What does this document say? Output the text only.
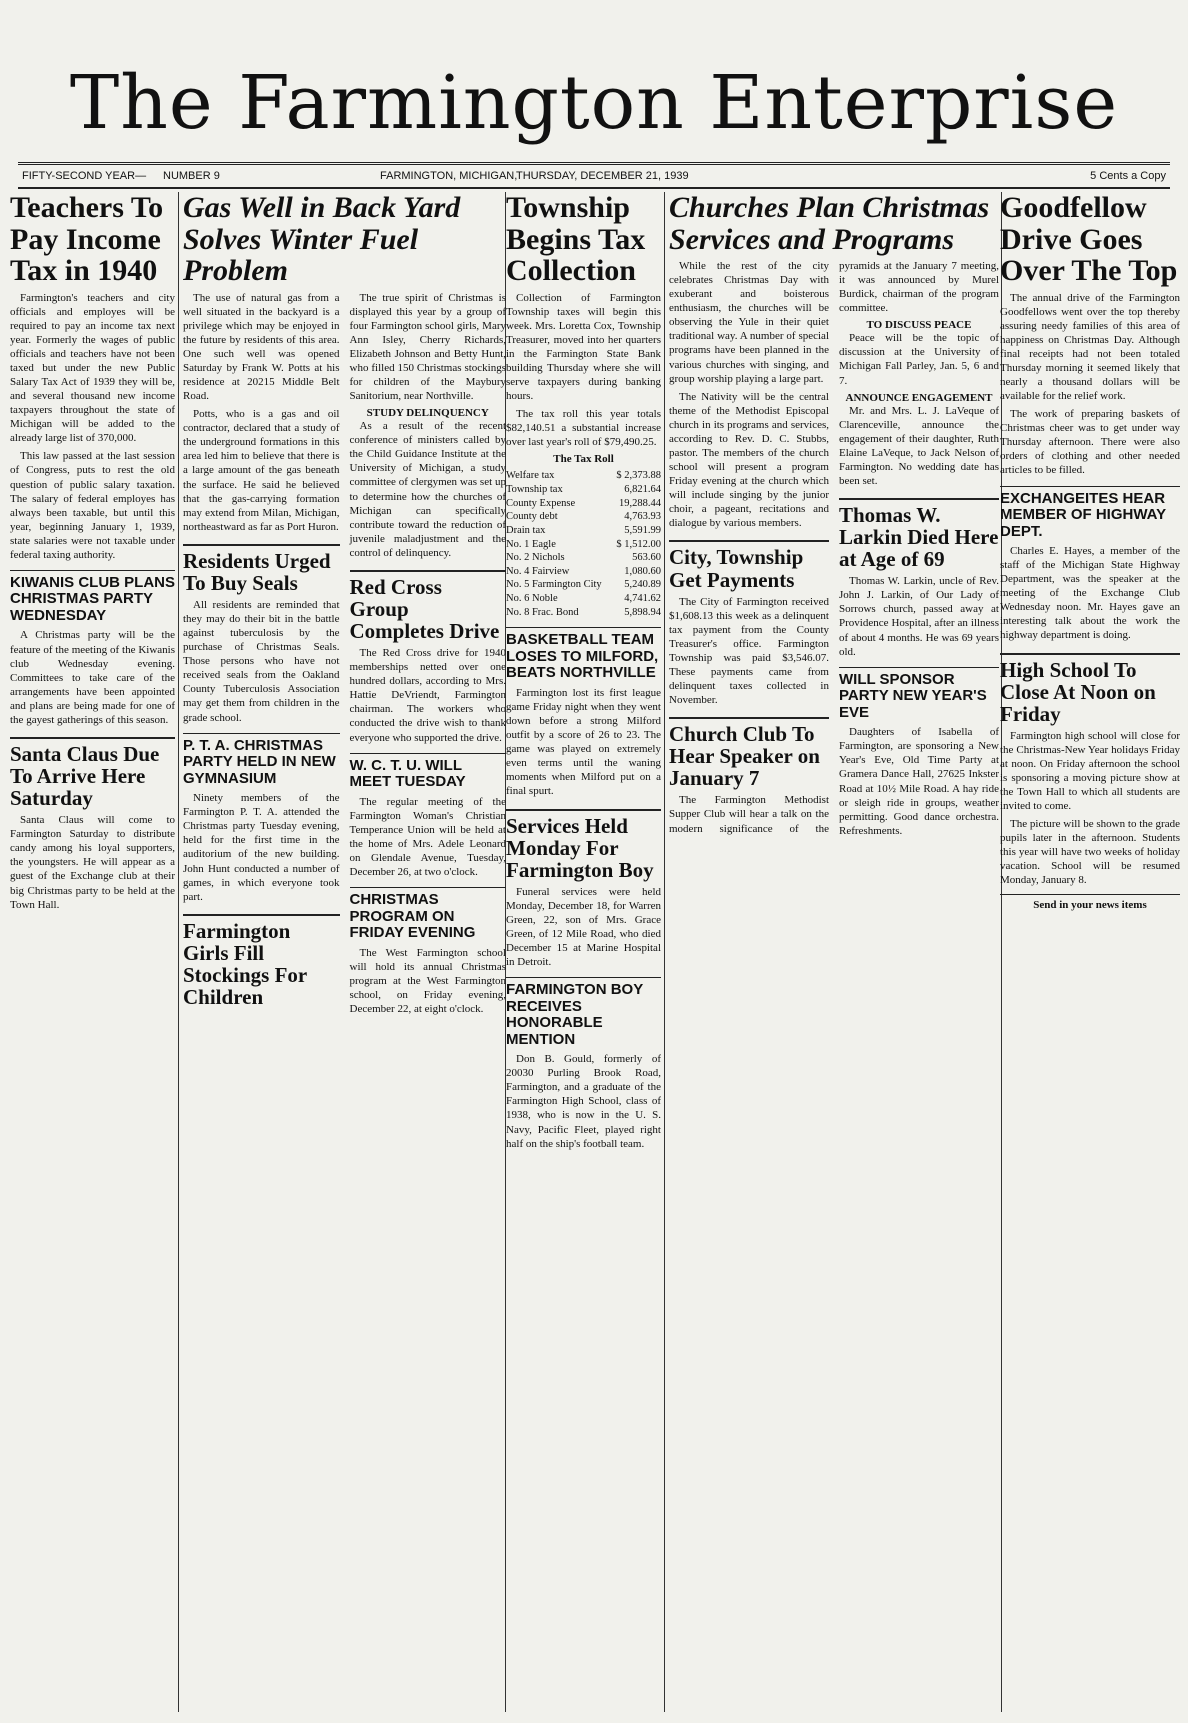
The Farmington Enterprise
FIFTY-SECOND YEAR— NUMBER 9	FARMINGTON, MICHIGAN,
THURSDAY, DECEMBER 21, 1939	5 Cents a Copy
Teachers To Pay Income Tax in 1940

Farmington's teachers and city officials and employes will be required to pay an income tax next year. Formerly the wages of public officials and teachers have not been taxed but under the new Public Salary Tax Act of 1939 they will be, and several thousand new income taxpayers throughout the state of Michigan will be added to the already large list of 370,000.

This law passed at the last session of Congress, puts to rest the old question of public salary taxation. The salary of federal employes has always been taxable, but until this year, beginning January 1, 1939, state salaries were not taxable under federal taxing authority.

KIWANIS CLUB PLANS CHRISTMAS PARTY WEDNESDAY

A Christmas party will be the feature of the meeting of the Kiwanis club Wednesday evening. Committees to take care of the arrangements have been appointed and plans are being made for one of the gayest gatherings of this season.

Santa Claus Due To Arrive Here Saturday

Santa Claus will come to Farmington Saturday to distribute candy among his loyal supporters, the youngsters. He will appear as a guest of the Exchange club at their big Christmas party to be held at the Town Hall.

Gas Well in Back Yard Solves Winter Fuel Problem

The use of natural gas from a well situated in the backyard is a privilege which may be enjoyed in the future by residents of this area. One such well was opened Saturday by Frank W. Potts at his residence at 20215 Middle Belt Road.

Potts, who is a gas and oil contractor, declared that a study of the underground formations in this area led him to believe that there is a large amount of the gas beneath the surface. He said he believed that the gas-carrying formation may extend from Milan, Michigan, northeastward as far as Port Huron.

Residents Urged To Buy Seals

All residents are reminded that they may do their bit in the battle against tuberculosis by the purchase of Christmas Seals. Those persons who have not received seals from the Oakland County Tuberculosis Association may get them from children in the grade school.

P. T. A. CHRISTMAS PARTY HELD IN NEW GYMNASIUM

Ninety members of the Farmington P. T. A. attended the Christmas party Tuesday evening, held for the first time in the auditorium of the new building. John Hunt conducted a number of games, in which everyone took part.

Farmington Girls Fill Stockings For Children

The true spirit of Christmas is displayed this year by a group of four Farmington school girls, Mary Ann Isley, Cherry Richards, Elizabeth Johnson and Betty Hunt, who filled 150 Christmas stockings for children of the Maybury Sanitorium, near Northville.

STUDY DELINQUENCY

As a result of the recent conference of ministers called by the Child Guidance Institute at the University of Michigan, a study committee of clergymen was set up to determine how the churches of Michigan can specifically contribute toward the reduction of juvenile maladjustment and the control of delinquency.

Red Cross Group Completes Drive

The Red Cross drive for 1940 memberships netted over one hundred dollars, according to Mrs. Hattie DeVriendt, Farmington chairman. The workers who conducted the drive wish to thank everyone who supported the drive.

W. C. T. U. WILL MEET TUESDAY

The regular meeting of the Farmington Woman's Christian Temperance Union will be held at the home of Mrs. Adele Leonard on Glendale Avenue, Tuesday, December 26, at two o'clock.

CHRISTMAS PROGRAM ON FRIDAY EVENING

The West Farmington school will hold its annual Christmas program at the West Farmington school, on Friday evening, December 22, at eight o'clock.

Township Begins Tax Collection

Collection of Farmington Township taxes will begin this week. Mrs. Loretta Cox, Township Treasurer, moved into her quarters in the Farmington State Bank building Thursday where she will serve taxpayers during banking hours.

The tax roll this year totals $82,140.51 a substantial increase over last year's roll of $79,490.25.

The Tax Roll
Welfare tax	$ 2,373.88
Township tax	6,821.64
County Expense	19,288.44
County debt	4,763.93
Drain tax	5,591.99
No. 1 Eagle	$ 1,512.00
No. 2 Nichols	563.60
No. 4 Fairview	1,080.60
No. 5 Farmington City 5,240.89
No. 6 Noble	4,741.62
No. 8 Frac. Bond	5,898.94
BASKETBALL TEAM LOSES TO MILFORD, BEATS NORTHVILLE

Farmington lost its first league game Friday night when they went down before a strong Milford outfit by a score of 26 to 23. The game was played on extremely even terms until the waning moments when Milford put on a final spurt.

Services Held Monday For Farmington Boy

Funeral services were held Monday, December 18, for Warren Green, 22, son of Mrs. Grace Green, of 12 Mile Road, who died December 15 at Marine Hospital in Detroit.

FARMINGTON BOY RECEIVES HONORABLE MENTION

Don B. Gould, formerly of 20030 Purling Brook Road, Farmington, and a graduate of the Farmington High School, class of 1938, who is now in the U. S. Navy, Pacific Fleet, played right half on the ship's football team.

Churches Plan Christmas Services and Programs

While the rest of the city celebrates Christmas Day with exuberant and boisterous enthusiasm, the churches will be observing the Yule in their quiet traditional way. A number of special programs have been planned in the various churches with singing, and group worship playing a large part.

The Nativity will be the central theme of the Methodist Episcopal church in its programs and services, according to Rev. D. C. Stubbs, pastor. The members of the church school will present a program Friday evening at the church which will include singing by the junior choir, a pageant, recitations and dialogue by various members.

City, Township Get Payments

The City of Farmington received $1,608.13 this week as a delinquent tax payment from the County Treasurer's office. Farmington Township was paid $3,546.07. These payments came from delinquent taxes collected in November.

Church Club To Hear Speaker on January 7

The Farmington Methodist Supper Club will hear a talk on the modern significance of the pyramids at the January 7 meeting, it was announced by Murel Burdick, chairman of the program committee.

TO DISCUSS PEACE

Peace will be the topic of discussion at the University of Michigan Fall Parley, Jan. 5, 6 and 7.

ANNOUNCE ENGAGEMENT

Mr. and Mrs. L. J. LaVeque of Clarenceville, announce the engagement of their daughter, Ruth Elaine LaVeque, to Jack Nelson of Farmington. No wedding date has been set.

Thomas W. Larkin Died Here at Age of 69

Thomas W. Larkin, uncle of Rev. John J. Larkin, of Our Lady of Sorrows church, passed away at Providence Hospital, after an illness of about 4 months. He was 69 years old.

WILL SPONSOR PARTY NEW YEAR'S EVE

Daughters of Isabella of Farmington, are sponsoring a New Year's Eve, Old Time Party at Gramera Dance Hall, 27625 Inkster Road at 10½ Mile Road. A hay ride or sleigh ride in groups, weather permitting. Good dance orchestra. Refreshments.

Goodfellow Drive Goes Over The Top

The annual drive of the Farmington Goodfellows went over the top thereby assuring needy families of this area of happiness on Christmas Day. Although final receipts had not been totaled Thursday morning it seemed likely that nearly a thousand dollars will be available for the relief work.

The work of preparing baskets of Christmas cheer was to get under way Thursday afternoon. There were also orders of clothing and other needed articles to be filled.

EXCHANGEITES HEAR MEMBER OF HIGHWAY DEPT.

Charles E. Hayes, a member of the staff of the Michigan State Highway Department, was the speaker at the meeting of the Exchange Club Wednesday noon. Mr. Hayes gave an interesting talk about the work the highway department is doing.

High School To Close At Noon on Friday

Farmington high school will close for the Christmas-New Year holidays Friday at noon. On Friday afternoon the school is sponsoring a moving picture show at the Town Hall to which all students are invited to come.

The picture will be shown to the grade pupils later in the afternoon. Students this year will have two weeks of holiday vacation. School will be resumed Monday, January 8.

Send in your news items
